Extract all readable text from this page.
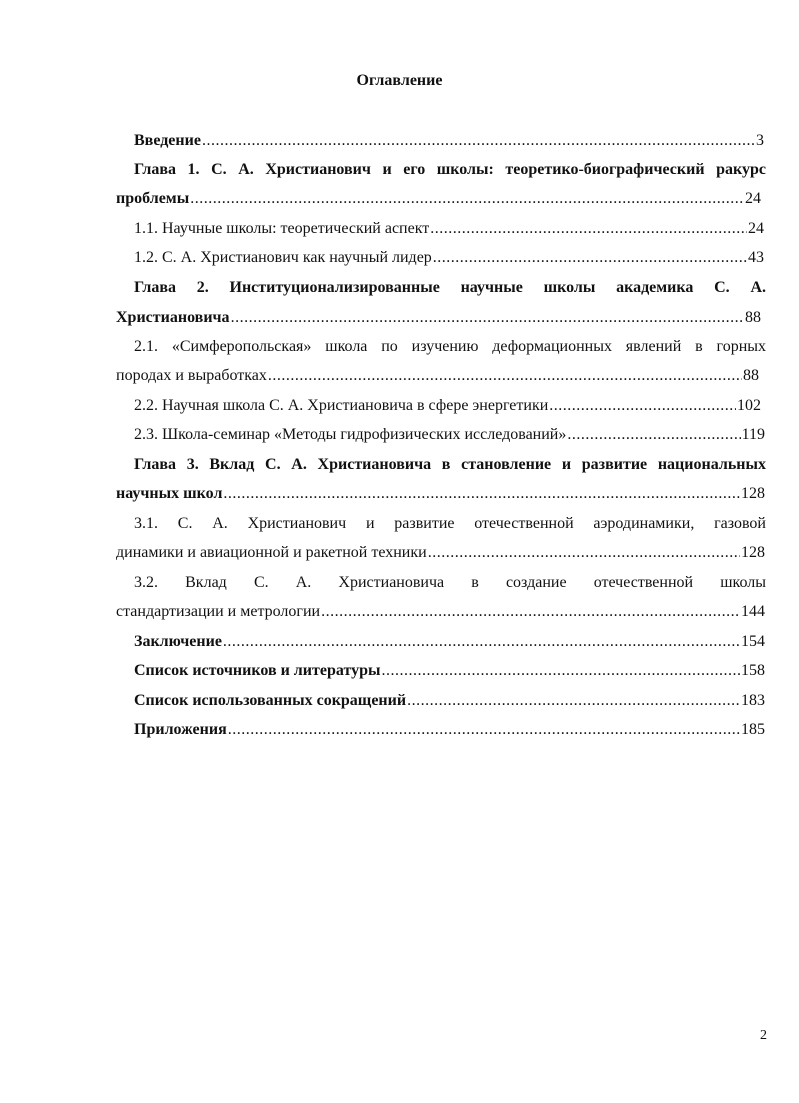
Оглавление
Введение .....	3
Глава 1. С. А. Христианович и его школы: теоретико-биографический ракурс
проблемы .....	24
1.1. Научные школы: теоретический аспект .....	24
1.2. С. А. Христианович как научный лидер .....	43
Глава 2. Институционализированные научные школы академика С. А.
Христиановича .....	88
2.1. «Симферопольская» школа по изучению деформационных явлений в горных
породах и выработках .....	88
2.2. Научная школа С. А. Христиановича в сфере энергетики .....	102
2.3. Школа-семинар «Методы гидрофизических исследований» .....	119
Глава 3. Вклад С. А. Христиановича в становление и развитие национальных
научных школ .....	128
3.1. С. А. Христианович и развитие отечественной аэродинамики, газовой
динамики и авиационной и ракетной техники .....	128
3.2. Вклад С. А. Христиановича в создание отечественной школы
стандартизации и метрологии .....	144
Заключение .....	154
Список источников и литературы .....	158
Список использованных сокращений .....	183
Приложения .....	185
2
